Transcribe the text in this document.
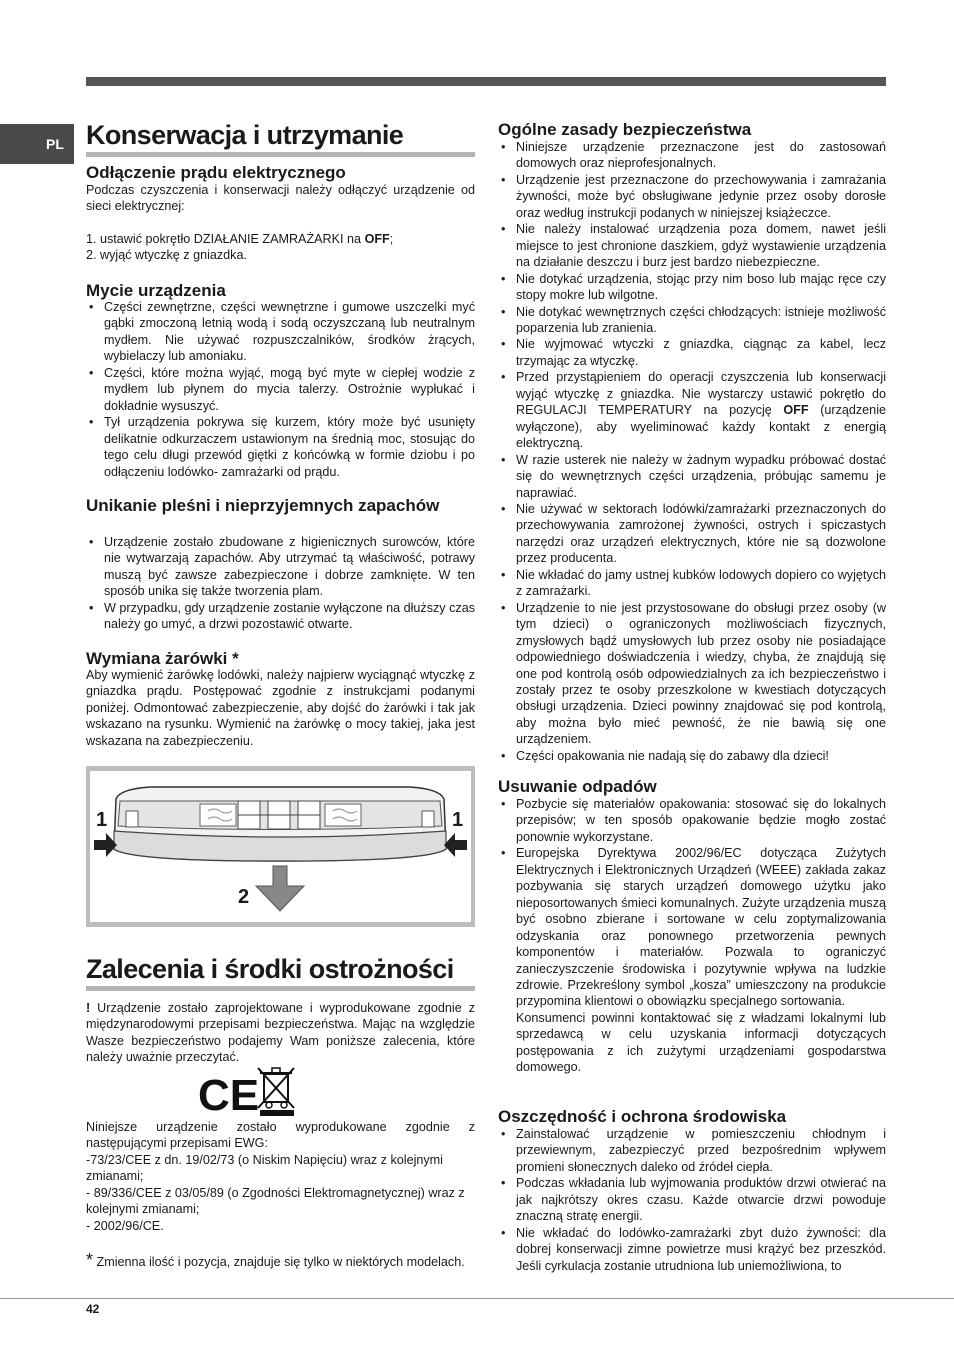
PL Konserwacja i utrzymanie
Odłączenie prądu elektrycznego

Podczas czyszczenia i konserwacji należy odłączyć urządzenie od sieci elektrycznej:

1. ustawić pokrętło DZIAŁANIE ZAMRAŻARKI na OFF;

2. wyjąć wtyczkę z gniazdka.

Mycie urządzenia
• Części zewnętrzne, części wewnętrzne i gumowe uszczelki myć gąbki zmoczoną letnią wodą i sodą oczyszczaną lub neutralnym mydłem. Nie używać rozpuszczalników, środków żrących, wybielaczy lub amoniaku.
• Części, które można wyjąć, mogą być myte w ciepłej wodzie z mydłem lub płynem do mycia talerzy. Ostrożnie wypłukać i dokładnie wysuszyć.
• Tył urządzenia pokrywa się kurzem, który może być usunięty delikatnie odkurzaczem ustawionym na średnią moc, stosując do tego celu długi przewód giętki z końcówką w formie dziobu i po odłączeniu lodówko- zamrażarki od prądu.
Unikanie pleśni i nieprzyjemnych zapachów
• Urządzenie zostało zbudowane z higienicznych surowców, które nie wytwarzają zapachów. Aby utrzymać tą właściwość, potrawy muszą być zawsze zabezpieczone i dobrze zamknięte. W ten sposób unika się także tworzenia plam.
• W przypadku, gdy urządzenie zostanie wyłączone na dłuższy czas należy go umyć, a drzwi pozostawić otwarte.
Wymiana żarówki *
Aby wymienić żarówkę lodówki, należy najpierw wyciągnąć wtyczkę z gniazdka prądu. Postępować zgodnie z instrukcjami podanymi poniżej. Odmontować zabezpieczenie, aby dojść do żarówki i tak jak wskazano na rysunku. Wymienić na żarówkę o mocy takiej, jaka jest wskazana na zabezpieczeniu.
1	1
2
Zalecenia i środki ostrożności

! Urządzenie zostało zaprojektowane i wyprodukowane zgodnie z międzynarodowymi przepisami bezpieczeństwa. Mając na względzie Wasze bezpieczeństwo podajemy Wam poniższe zalecenia, które należy uważnie przeczytać.

CE

Niniejsze urządzenie zostało wyprodukowane zgodnie z następującymi przepisami EWG:

-73/23/CEE z dn. 19/02/73 (o Niskim Napięciu) wraz z kolejnymi zmianami;

- 89/336/CEE z 03/05/89 (o Zgodności Elektromagnetycznej) wraz z kolejnymi zmianami;

- 2002/96/CE.

* Zmienna ilość i pozycja, znajduje się tylko w niektórych modelach.

Ogólne zasady bezpieczeństwa
• Niniejsze urządzenie przeznaczone jest do zastosowań domowych oraz nieprofesjonalnych.
• Urządzenie jest przeznaczone do przechowywania i zamrażania żywności, może być obsługiwane jedynie przez osoby dorosłe oraz według instrukcji podanych w niniejszej książeczce.
• Nie należy instalować urządzenia poza domem, nawet jeśli miejsce to jest chronione daszkiem, gdyż wystawienie urządzenia na działanie deszczu i burz jest bardzo niebezpieczne.
• Nie dotykać urządzenia, stojąc przy nim boso lub mając ręce czy stopy mokre lub wilgotne.
• Nie dotykać wewnętrznych części chłodzących: istnieje możliwość poparzenia lub zranienia.
• Nie wyjmować wtyczki z gniazdka, ciągnąc za kabel, lecz trzymając za wtyczkę.
• Przed przystąpieniem do operacji czyszczenia lub konserwacji wyjąć wtyczkę z gniazdka. Nie wystarczy ustawić pokrętło do REGULACJI TEMPERATURY na pozycję OFF (urządzenie wyłączone), aby wyeliminować każdy kontakt z energią elektryczną.
• W razie usterek nie należy w żadnym wypadku próbować dostać się do wewnętrznych części urządzenia, próbując samemu je naprawiać.
• Nie używać w sektorach lodówki/zamrażarki przeznaczonych do przechowywania zamrożonej żywności, ostrych i spiczastych narzędzi oraz urządzeń elektrycznych, które nie są dozwolone przez producenta.
• Nie wkładać do jamy ustnej kubków lodowych dopiero co wyjętych z zamrażarki.
• Urządzenie to nie jest przystosowane do obsługi przez osoby (w tym dzieci) o ograniczonych możliwościach fizycznych, zmysłowych bądź umysłowych lub przez osoby nie posiadające odpowiedniego doświadczenia i wiedzy, chyba, że znajdują się one pod kontrolą osób odpowiedzialnych za ich bezpieczeństwo i zostały przez te osoby przeszkolone w kwestiach dotyczących obsługi urządzenia. Dzieci powinny znajdować się pod kontrolą, aby można było mieć pewność, że nie bawią się one urządzeniem.
• Części opakowania nie nadają się do zabawy dla dzieci!
Usuwanie odpadów
• Pozbycie się materiałów opakowania: stosować się do lokalnych przepisów; w ten sposób opakowanie będzie mogło zostać ponownie wykorzystane.
• Europejska Dyrektywa 2002/96/EC dotycząca Zużytych Elektrycznych i Elektronicznych Urządzeń (WEEE) zakłada zakaz pozbywania się starych urządzeń domowego użytku jako nieposortowanych śmieci komunalnych. Zużyte urządzenia muszą być osobno zbierane i sortowane w celu zoptymalizowania odzyskania oraz ponownego przetworzenia pewnych komponentów i materiałów. Pozwala to ograniczyć zanieczyszczenie środowiska i pozytywnie wpływa na ludzkie zdrowie. Przekreślony symbol „kosza” umieszczony na produkcie przypomina klientowi o obowiązku specjalnego sortowania.

Konsumenci powinni kontaktować się z władzami lokalnymi lub sprzedawcą w celu uzyskania informacji dotyczących postępowania z ich zużytymi urządzeniami gospodarstwa domowego.

Oszczędność i ochrona środowiska
• Zainstalować urządzenie w pomieszczeniu chłodnym i przewiewnym, zabezpieczyć przed bezpośrednim wpływem promieni słonecznych daleko od źródeł ciepła.
• Podczas wkładania lub wyjmowania produktów drzwi otwierać na jak najkrótszy okres czasu. Każde otwarcie drzwi powoduje znaczną stratę energii.
• Nie wkładać do lodówko-zamrażarki zbyt dużo żywności: dla dobrej konserwacji zimne powietrze musi krążyć bez przeszkód. Jeśli cyrkulacja zostanie utrudniona lub uniemożliwiona, to
42
